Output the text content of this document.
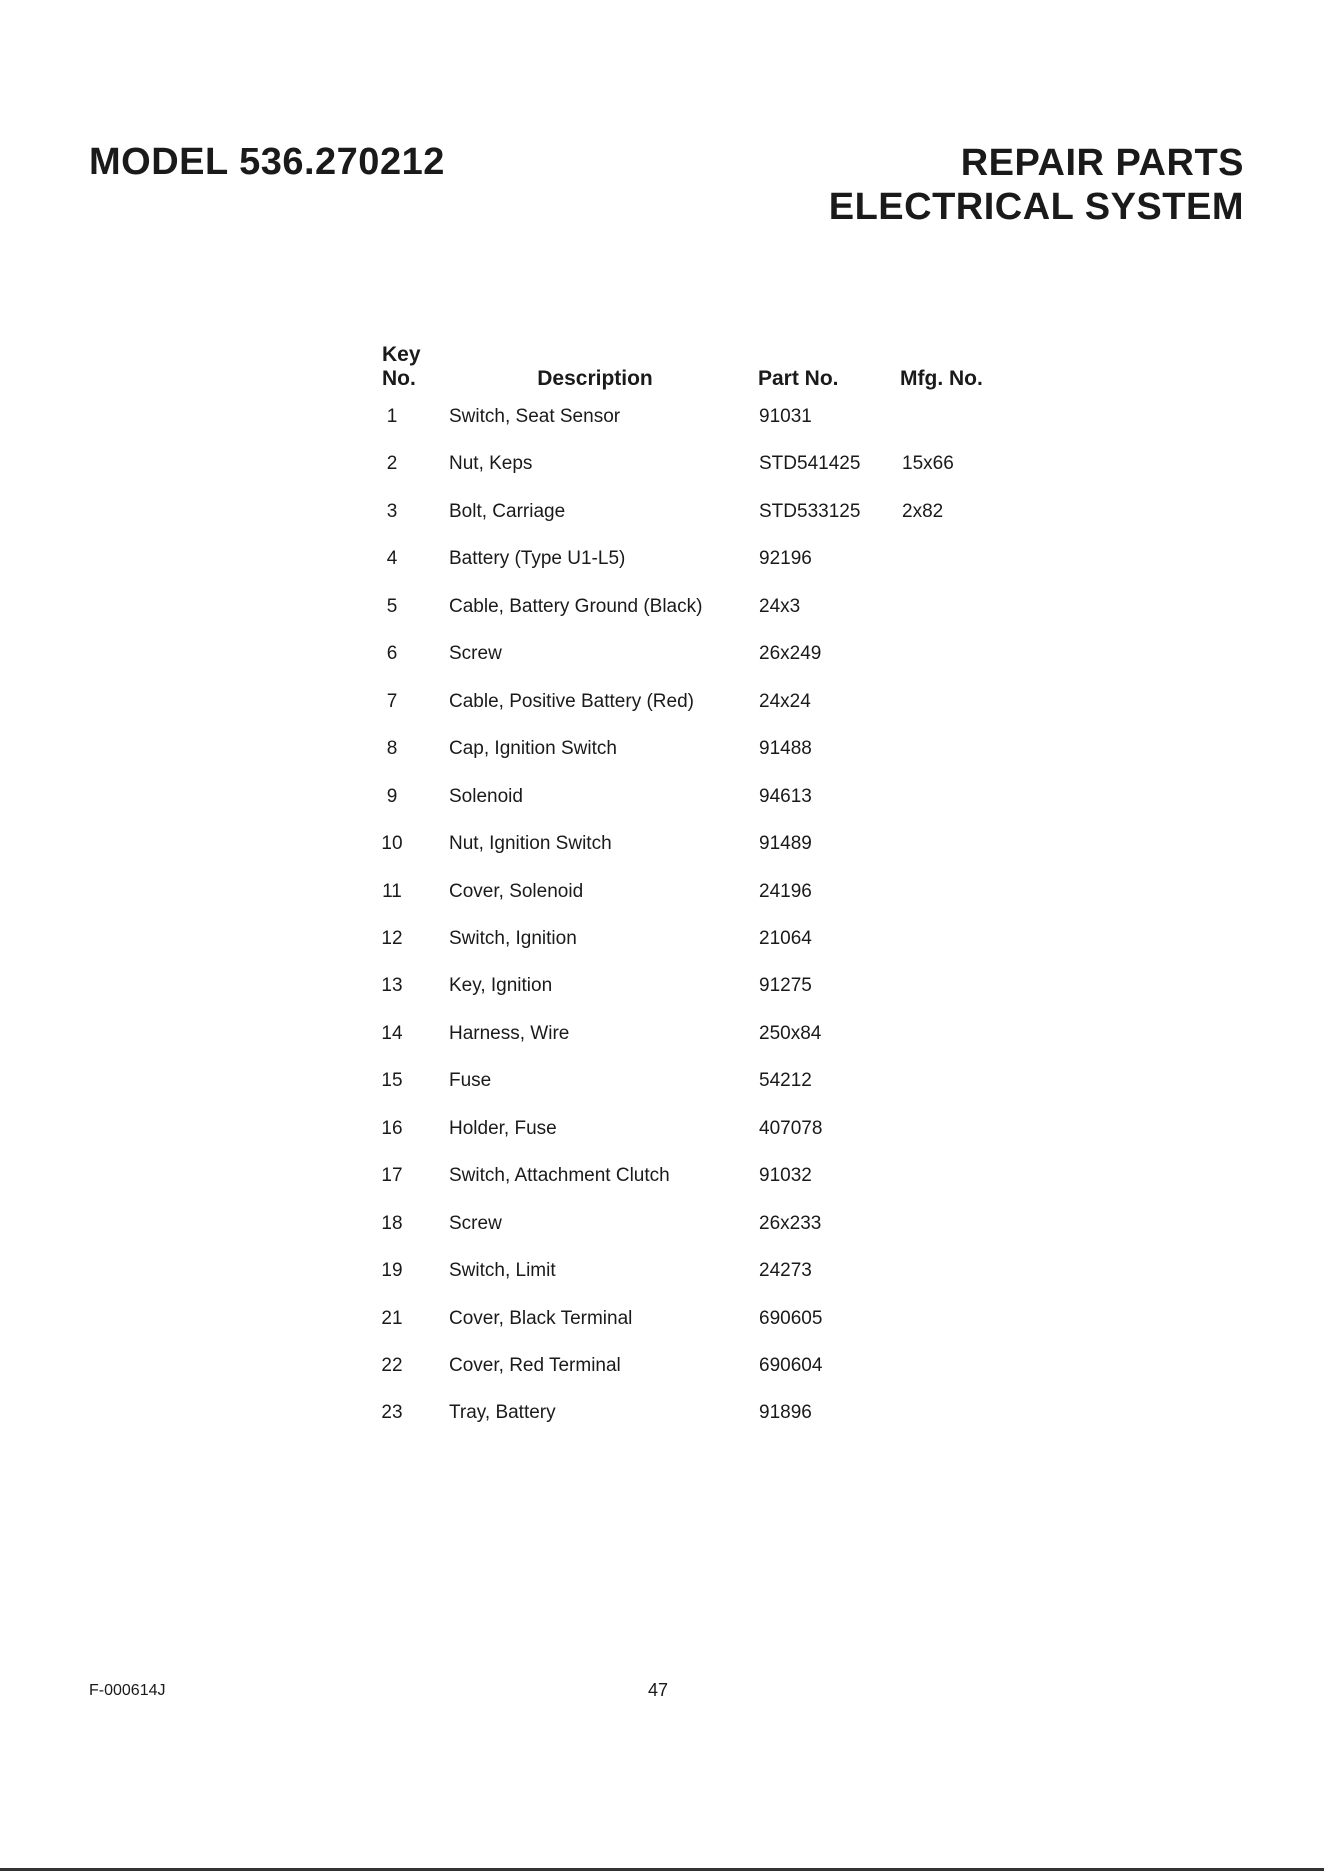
MODEL 536.270212	REPAIR PARTS
ELECTRICAL SYSTEM
Key
No.	Description	Part No.	Mfg. No.
1	Switch, Seat Sensor	91031
2	Nut, Keps	STD541425 15x66
3	Bolt, Carriage	STD533125 2x82
4	Battery (Type U1-L5)	92196
5	Cable, Battery Ground (Black)	24x3
6	Screw	26x249
7	Cable, Positive Battery (Red)	24x24
8	Cap, Ignition Switch	91488
9	Solenoid	94613
10	Nut, Ignition Switch	91489
11	Cover, Solenoid	24196
12	Switch, Ignition	21064
13	Key, Ignition	91275
14	Harness, Wire	250x84
15	Fuse	54212
16	Holder, Fuse	407078
17	Switch, Attachment Clutch	91032
18	Screw	26x233
19	Switch, Limit	24273
21	Cover, Black Terminal	690605
22	Cover, Red Terminal	690604
23	Tray, Battery	91896
F-000614J	47
